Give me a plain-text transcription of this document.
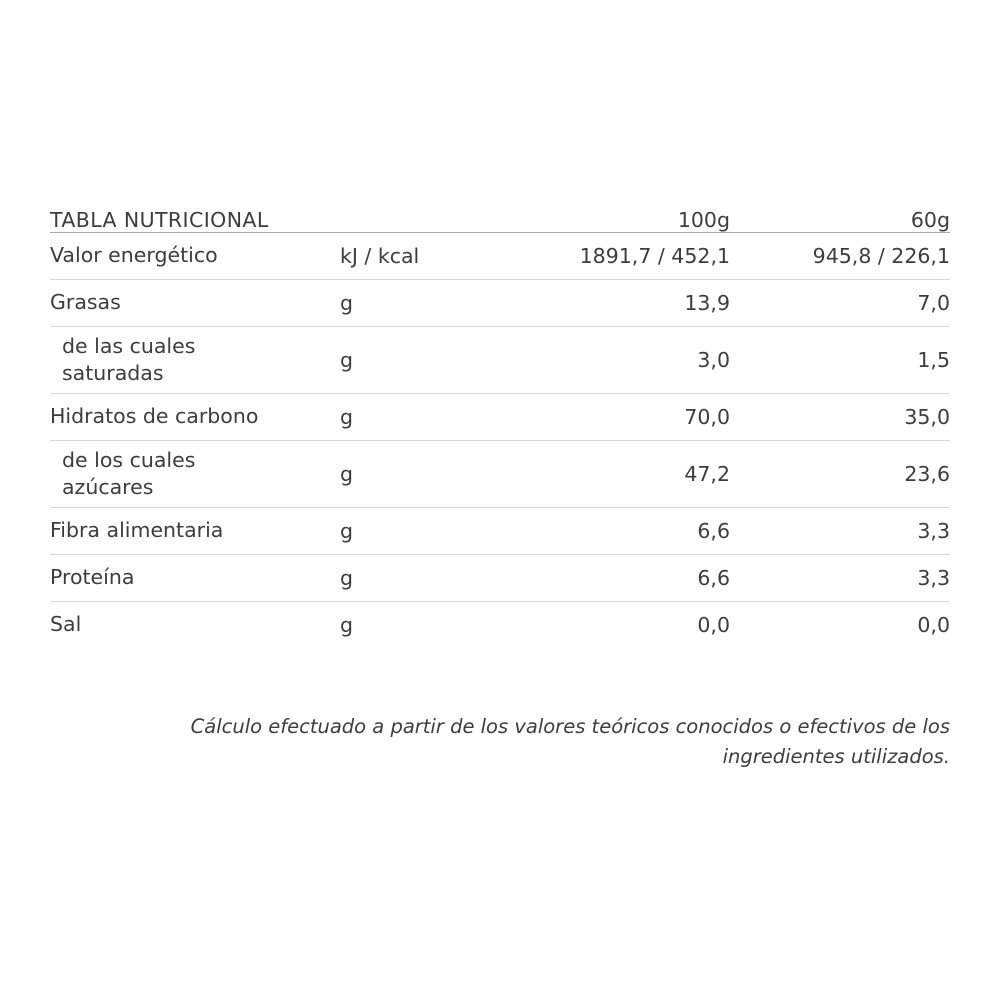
TABLA NUTRICIONAL		100g	60g
Valor energético	kJ / kcal	1891,7 / 452,1	945,8 / 226,1
Grasas	g	13,9	7,0
de las cuales
saturadas	g	3,0	1,5
Hidratos de carbono	g	70,0	35,0
de los cuales
azúcares	g	47,2	23,6
Fibra alimentaria	g	6,6	3,3
Proteína	g	6,6	3,3
Sal	g	0,0	0,0
Cálculo efectuado a partir de los valores teóricos conocidos o efectivos de los ingredientes utilizados.
